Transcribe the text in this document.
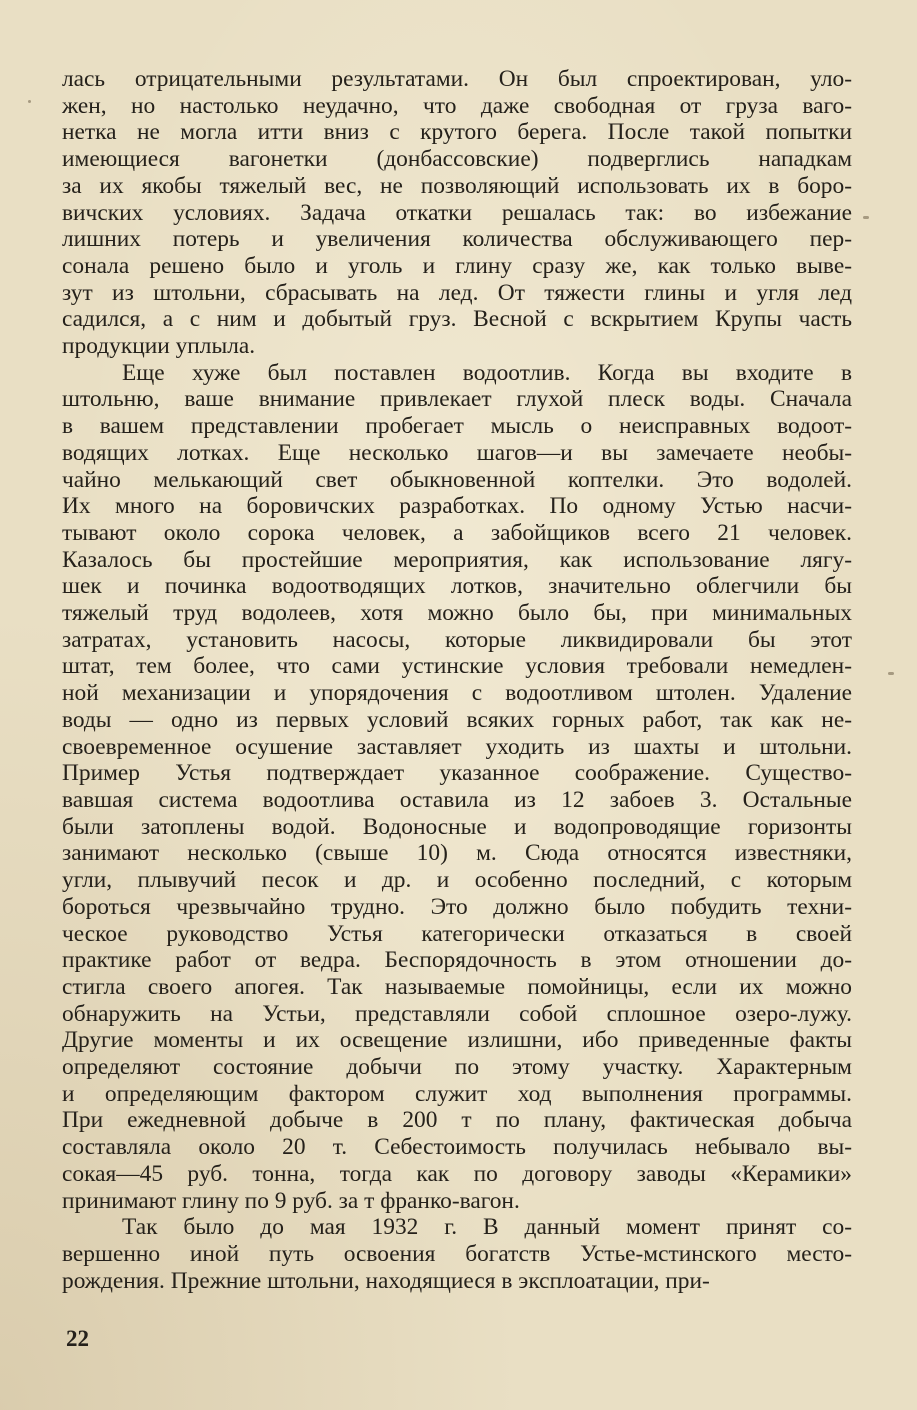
лась отрицательными результатами. Он был спроектирован, уло-
жен, но настолько неудачно, что даже свободная от груза ваго-
нетка не могла итти вниз с крутого берега. После такой попытки
имеющиеся вагонетки (донбассовские) подверглись нападкам
за их якобы тяжелый вес, не позволяющий использовать их в боро-
вичских условиях. Задача откатки решалась так: во избежание
лишних потерь и увеличения количества обслуживающего пер-
сонала решено было и уголь и глину сразу же, как только выве-
зут из штольни, сбрасывать на лед. От тяжести глины и угля лед
садился, а с ним и добытый груз. Весной с вскрытием Крупы часть
продукции уплыла.

Еще хуже был поставлен водоотлив. Когда вы входите в
штольню, ваше внимание привлекает глухой плеск воды. Сначала
в вашем представлении пробегает мысль о неисправных водоот-
водящих лотках. Еще несколько шагов—и вы замечаете необы-
чайно мелькающий свет обыкновенной коптелки. Это водолей.
Их много на боровичских разработках. По одному Устью насчи-
тывают около сорока человек, а забойщиков всего 21 человек.
Казалось бы простейшие мероприятия, как использование лягу-
шек и починка водоотводящих лотков, значительно облегчили бы
тяжелый труд водолеев, хотя можно было бы, при минимальных
затратах, установить насосы, которые ликвидировали бы этот
штат, тем более, что сами устинские условия требовали немедлен-
ной механизации и упорядочения с водоотливом штолен. Удаление
воды — одно из первых условий всяких горных работ, так как не-
своевременное осушение заставляет уходить из шахты и штольни.
Пример Устья подтверждает указанное соображение. Существо-
вавшая система водоотлива оставила из 12 забоев 3. Остальные
были затоплены водой. Водоносные и водопроводящие горизонты
занимают несколько (свыше 10) м. Сюда относятся известняки,
угли, плывучий песок и др. и особенно последний, с которым
бороться чрезвычайно трудно. Это должно было побудить техни-
ческое руководство Устья категорически отказаться в своей
практике работ от ведра. Беспорядочность в этом отношении до-
стигла своего апогея. Так называемые помойницы, если их можно
обнаружить на Устьи, представляли собой сплошное озеро-лужу.
Другие моменты и их освещение излишни, ибо приведенные факты
определяют состояние добычи по этому участку. Характерным
и определяющим фактором служит ход выполнения программы.
При ежедневной добыче в 200 т по плану, фактическая добыча
составляла около 20 т. Себестоимость получилась небывало вы-
сокая—45 руб. тонна, тогда как по договору заводы «Керамики»
принимают глину по 9 руб. за т франко-вагон.

Так было до мая 1932 г. В данный момент принят со-
вершенно иной путь освоения богатств Устье-мстинского место-
рождения. Прежние штольни, находящиеся в эксплоатации, при-

22
